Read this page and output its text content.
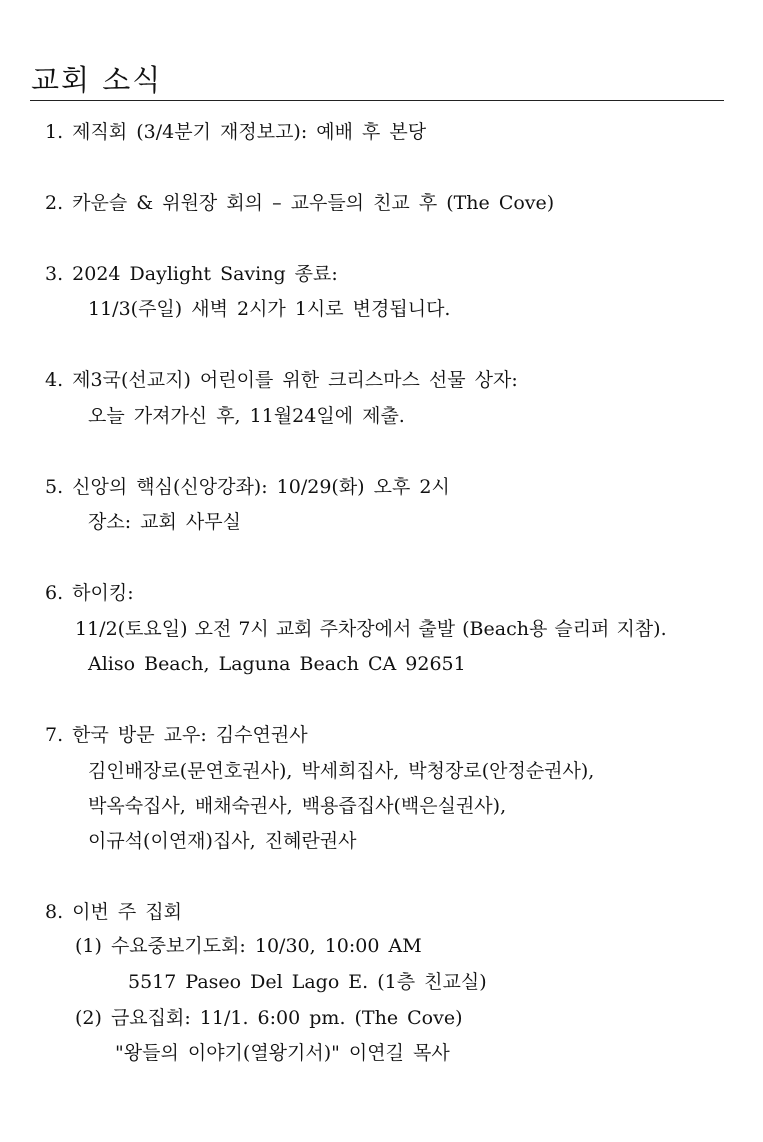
교회 소식
1. 제직회 (3/4분기 재정보고): 예배 후 본당
2. 카운슬 & 위원장 회의 – 교우들의 친교 후 (The Cove)
3. 2024 Daylight Saving 종료:
11/3(주일) 새벽 2시가 1시로 변경됩니다.
4. 제3국(선교지) 어린이를 위한 크리스마스 선물 상자:
오늘 가져가신 후, 11월24일에 제출.
5. 신앙의 핵심(신앙강좌): 10/29(화) 오후 2시
장소: 교회 사무실
6. 하이킹:
11/2(토요일) 오전 7시 교회 주차장에서 출발 (Beach용 슬리퍼 지참).
Aliso Beach, Laguna Beach CA 92651
7. 한국 방문 교우: 김수연권사
김인배장로(문연호권사), 박세희집사, 박청장로(안정순권사),
박옥숙집사, 배채숙권사, 백용즙집사(백은실권사),
이규석(이연재)집사, 진혜란권사
8. 이번 주 집회
(1) 수요중보기도회: 10/30, 10:00 AM
5517 Paseo Del Lago E. (1층 친교실)
(2) 금요집회: 11/1. 6:00 pm. (The Cove)
"왕들의 이야기(열왕기서)" 이연길 목사
